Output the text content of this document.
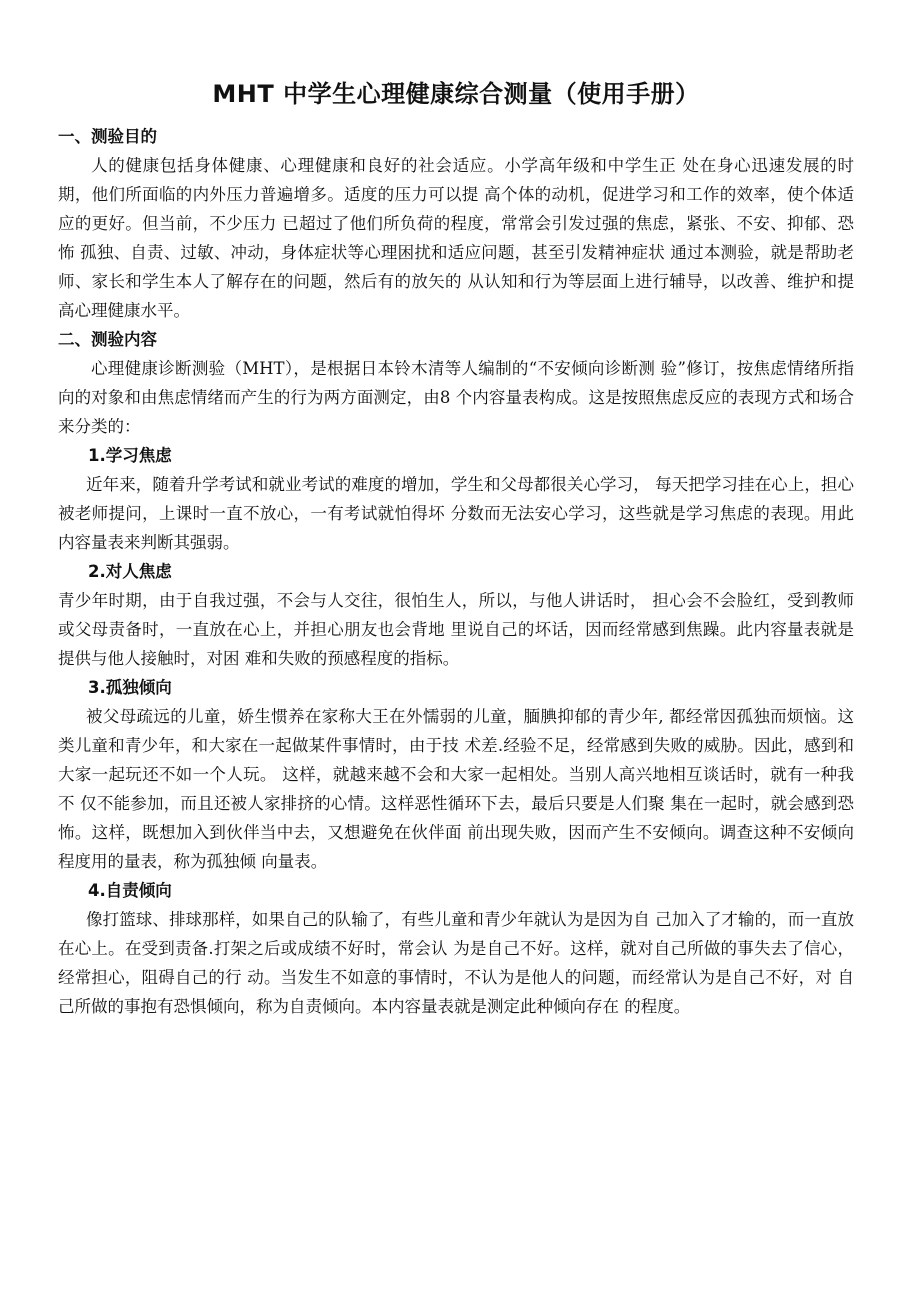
MHT 中学生心理健康综合测量（使用手册）
一、测验目的

人的健康包括身体健康、心理健康和良好的社会适应。小学高年级和中学生正 处在身心迅速发展的时期，他们所面临的内外压力普遍增多。适度的压力可以提 高个体的动机，促进学习和工作的效率，使个体适应的更好。但当前，不少压力 已超过了他们所负荷的程度，常常会引发过强的焦虑，紧张、不安、抑郁、恐怖 孤独、自责、过敏、冲动，身体症状等心理困扰和适应问题，甚至引发精神症状 通过本测验，就是帮助老师、家长和学生本人了解存在的问题，然后有的放矢的 从认知和行为等层面上进行辅导，以改善、维护和提高心理健康水平。

二、测验内容

心理健康诊断测验（MHT），是根据日本铃木清等人编制的“不安倾向诊断测 验”修订，按焦虑情绪所指向的对象和由焦虑情绪而产生的行为两方面测定，由8 个内容量表构成。这是按照焦虑反应的表现方式和场合来分类的：

1.学习焦虑

近年来，随着升学考试和就业考试的难度的增加，学生和父母都很关心学习， 每天把学习挂在心上，担心被老师提问，上课时一直不放心，一有考试就怕得坏 分数而无法安心学习，这些就是学习焦虑的表现。用此内容量表来判断其强弱。

2.对人焦虑

青少年时期，由于自我过强，不会与人交往，很怕生人，所以，与他人讲话时， 担心会不会脸红，受到教师或父母责备时，一直放在心上，并担心朋友也会背地 里说自己的坏话，因而经常感到焦躁。此内容量表就是提供与他人接触时，对困 难和失败的预感程度的指标。

3.孤独倾向

被父母疏远的儿童，娇生惯养在家称大王在外懦弱的儿童，腼腆抑郁的青少年, 都经常因孤独而烦恼。这类儿童和青少年，和大家在一起做某件事情时，由于技 术差.经验不足，经常感到失败的威胁。因此，感到和大家一起玩还不如一个人玩。 这样，就越来越不会和大家一起相处。当别人高兴地相互谈话时，就有一种我不 仅不能参加，而且还被人家排挤的心情。这样恶性循环下去，最后只要是人们聚 集在一起时，就会感到恐怖。这样，既想加入到伙伴当中去，又想避免在伙伴面 前出现失败，因而产生不安倾向。调查这种不安倾向程度用的量表，称为孤独倾 向量表。

4.自责倾向

像打篮球、排球那样，如果自己的队输了，有些儿童和青少年就认为是因为自 己加入了才输的，而一直放在心上。在受到责备.打架之后或成绩不好时，常会认 为是自己不好。这样，就对自己所做的事失去了信心，经常担心，阻碍自己的行 动。当发生不如意的事情时，不认为是他人的问题，而经常认为是自己不好，对 自己所做的事抱有恐惧倾向，称为自责倾向。本内容量表就是测定此种倾向存在 的程度。
